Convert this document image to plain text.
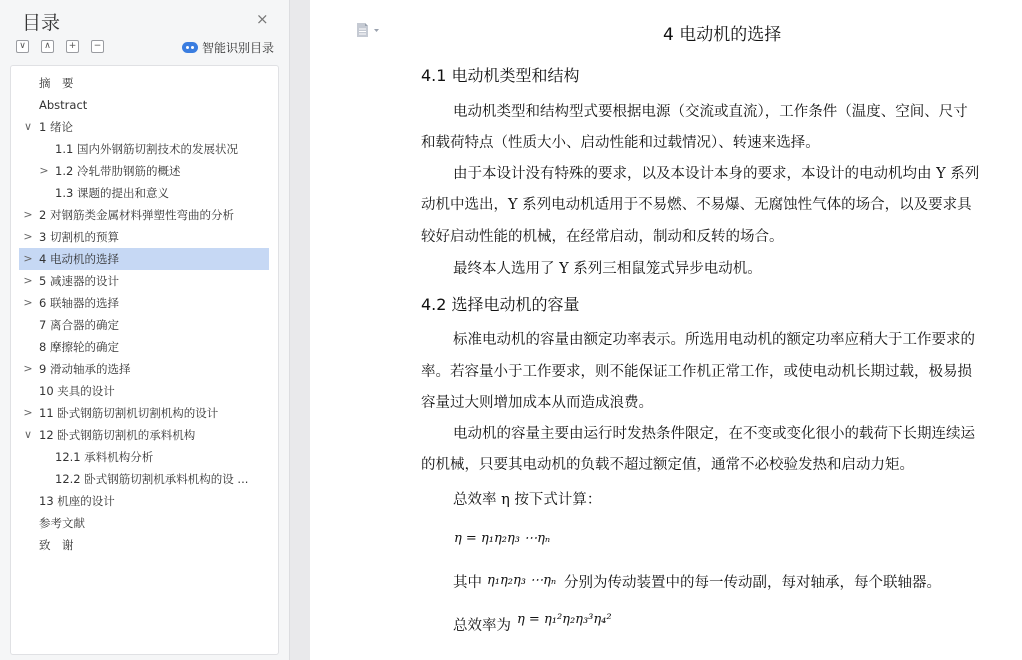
目录	×
∨	∧	+	−	智能识别目录
摘　要
Abstract
∨ 1 绪论
1.1 国内外钢筋切割技术的发展状况
> 1.2 冷轧带肋钢筋的概述
1.3 课题的提出和意义
> 2 对钢筋类金属材料弹塑性弯曲的分析
> 3 切割机的预算
> 4 电动机的选择
> 5 减速器的设计
> 6 联轴器的选择
7 离合器的确定
8 摩擦轮的确定
> 9 滑动轴承的选择
10 夹具的设计
> 11 卧式钢筋切割机切割机构的设计
∨ 12 卧式钢筋切割机的承料机构
12.1 承料机构分析
12.2 卧式钢筋切割机承料机构的设 ...
13 机座的设计
参考文献
致　谢
4 电动机的选择
4.1 电动机类型和结构
电动机类型和结构型式要根据电源（交流或直流），工作条件（温度、空间、尺寸
和载荷特点（性质大小、启动性能和过载情况）、转速来选择。
由于本设计没有特殊的要求，以及本设计本身的要求，本设计的电动机均由 Y 系列
动机中选出，Y 系列电动机适用于不易燃、不易爆、无腐蚀性气体的场合，以及要求具
较好启动性能的机械，在经常启动，制动和反转的场合。
最终本人选用了 Y 系列三相鼠笼式异步电动机。
4.2 选择电动机的容量
标准电动机的容量由额定功率表示。所选用电动机的额定功率应稍大于工作要求的
率。若容量小于工作要求，则不能保证工作机正常工作，或使电动机长期过载，极易损
容量过大则增加成本从而造成浪费。
电动机的容量主要由运行时发热条件限定，在不变或变化很小的载荷下长期连续运
的机械，只要其电动机的负载不超过额定值，通常不必校验发热和启动力矩。
总效率 η 按下式计算：
η = η₁η₂η₃ ⋯ηₙ
其中 η₁η₂η₃ ⋯ηₙ 分别为传动装置中的每一传动副，每对轴承，每个联轴器。
总效率为 η = η₁²η₂η₃³η₄²
